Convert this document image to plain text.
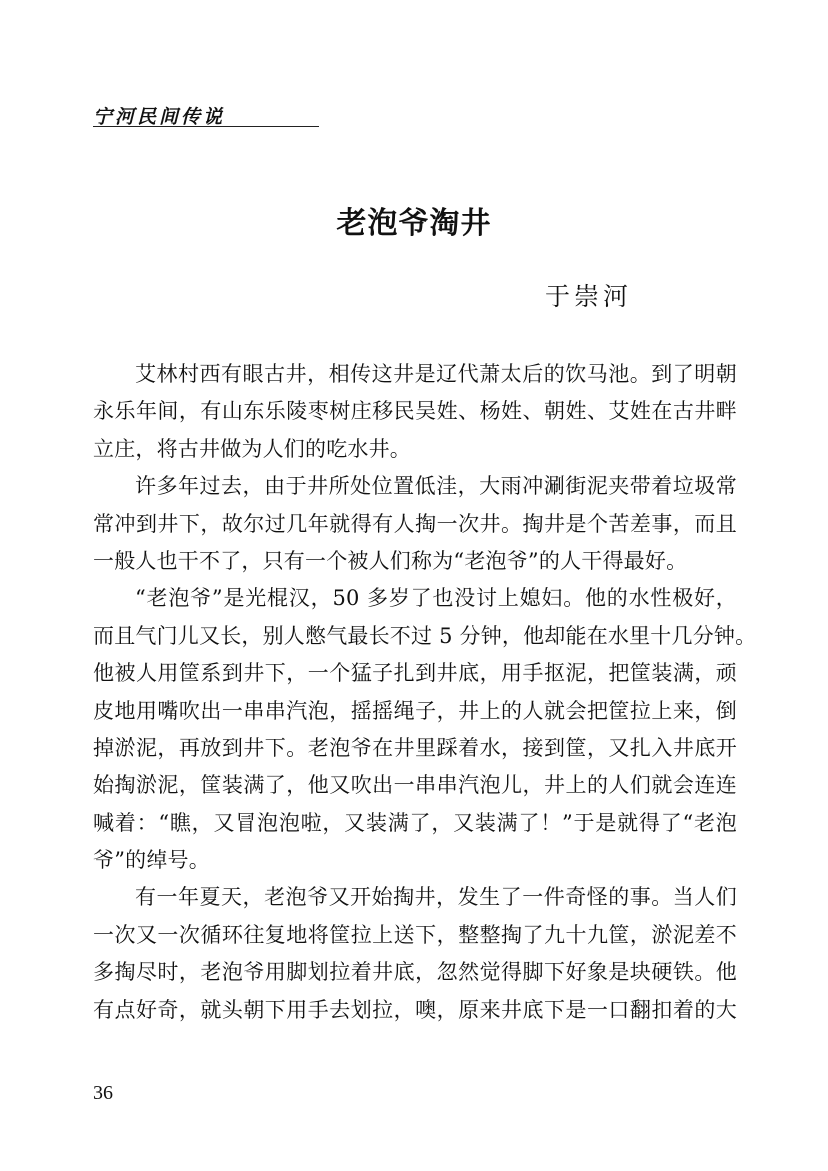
宁河民间传说
老泡爷淘井
于崇河
艾林村西有眼古井，相传这井是辽代萧太后的饮马池。到了明朝
永乐年间，有山东乐陵枣树庄移民吴姓、杨姓、朝姓、艾姓在古井畔
立庄，将古井做为人们的吃水井。
许多年过去，由于井所处位置低洼，大雨冲涮街泥夹带着垃圾常
常冲到井下，故尔过几年就得有人掏一次井。掏井是个苦差事，而且
一般人也干不了，只有一个被人们称为“老泡爷”的人干得最好。
“老泡爷”是光棍汉，50 多岁了也没讨上媳妇。他的水性极好，
而且气门儿又长，别人憋气最长不过 5 分钟，他却能在水里十几分钟。
他被人用筐系到井下，一个猛子扎到井底，用手抠泥，把筐装满，顽
皮地用嘴吹出一串串汽泡，摇摇绳子，井上的人就会把筐拉上来，倒
掉淤泥，再放到井下。老泡爷在井里踩着水，接到筐，又扎入井底开
始掏淤泥，筐装满了，他又吹出一串串汽泡儿，井上的人们就会连连
喊着：“瞧，又冒泡泡啦，又装满了，又装满了！”于是就得了“老泡
爷”的绰号。
有一年夏天，老泡爷又开始掏井，发生了一件奇怪的事。当人们
一次又一次循环往复地将筐拉上送下，整整掏了九十九筐，淤泥差不
多掏尽时，老泡爷用脚划拉着井底，忽然觉得脚下好象是块硬铁。他
有点好奇，就头朝下用手去划拉，噢，原来井底下是一口翻扣着的大
36
